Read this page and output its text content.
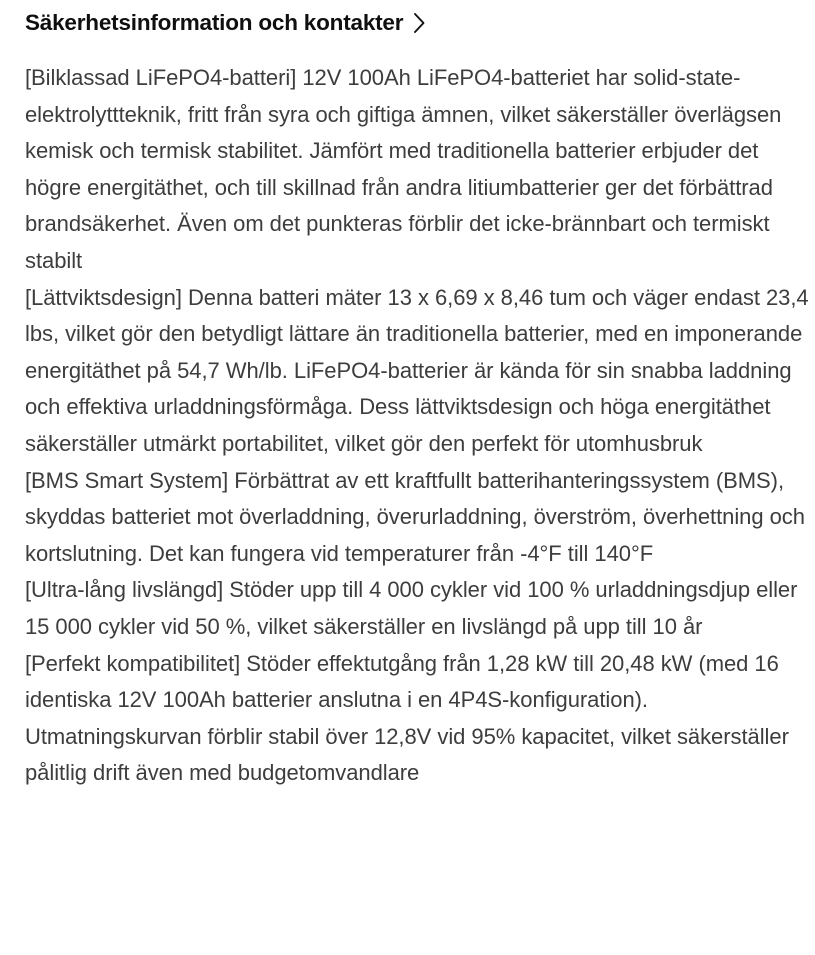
Säkerhetsinformation och kontakter

[Bilklassad LiFePO4-batteri] 12V 100Ah LiFePO4-batteriet har solid-state-elektrolyttteknik, fritt från syra och giftiga ämnen, vilket säkerställer överlägsen kemisk och termisk stabilitet. Jämfört med traditionella batterier erbjuder det högre energitäthet, och till skillnad från andra litiumbatterier ger det förbättrad brandsäkerhet. Även om det punkteras förblir det icke-brännbart och termiskt stabilt

[Lättviktsdesign] Denna batteri mäter 13 x 6,69 x 8,46 tum och väger endast 23,4 lbs, vilket gör den betydligt lättare än traditionella batterier, med en imponerande energitäthet på 54,7 Wh/lb. LiFePO4-batterier är kända för sin snabba laddning och effektiva urladdningsförmåga. Dess lättviktsdesign och höga energitäthet säkerställer utmärkt portabilitet, vilket gör den perfekt för utomhusbruk

[BMS Smart System] Förbättrat av ett kraftfullt batterihanteringssystem (BMS), skyddas batteriet mot överladdning, överurladdning, överström, överhettning och kortslutning. Det kan fungera vid temperaturer från -4°F till 140°F

[Ultra-lång livslängd] Stöder upp till 4 000 cykler vid 100 % urladdningsdjup eller 15 000 cykler vid 50 %, vilket säkerställer en livslängd på upp till 10 år

[Perfekt kompatibilitet] Stöder effektutgång från 1,28 kW till 20,48 kW (med 16 identiska 12V 100Ah batterier anslutna i en 4P4S-konfiguration). Utmatningskurvan förblir stabil över 12,8V vid 95% kapacitet, vilket säkerställer pålitlig drift även med budgetomvandlare
